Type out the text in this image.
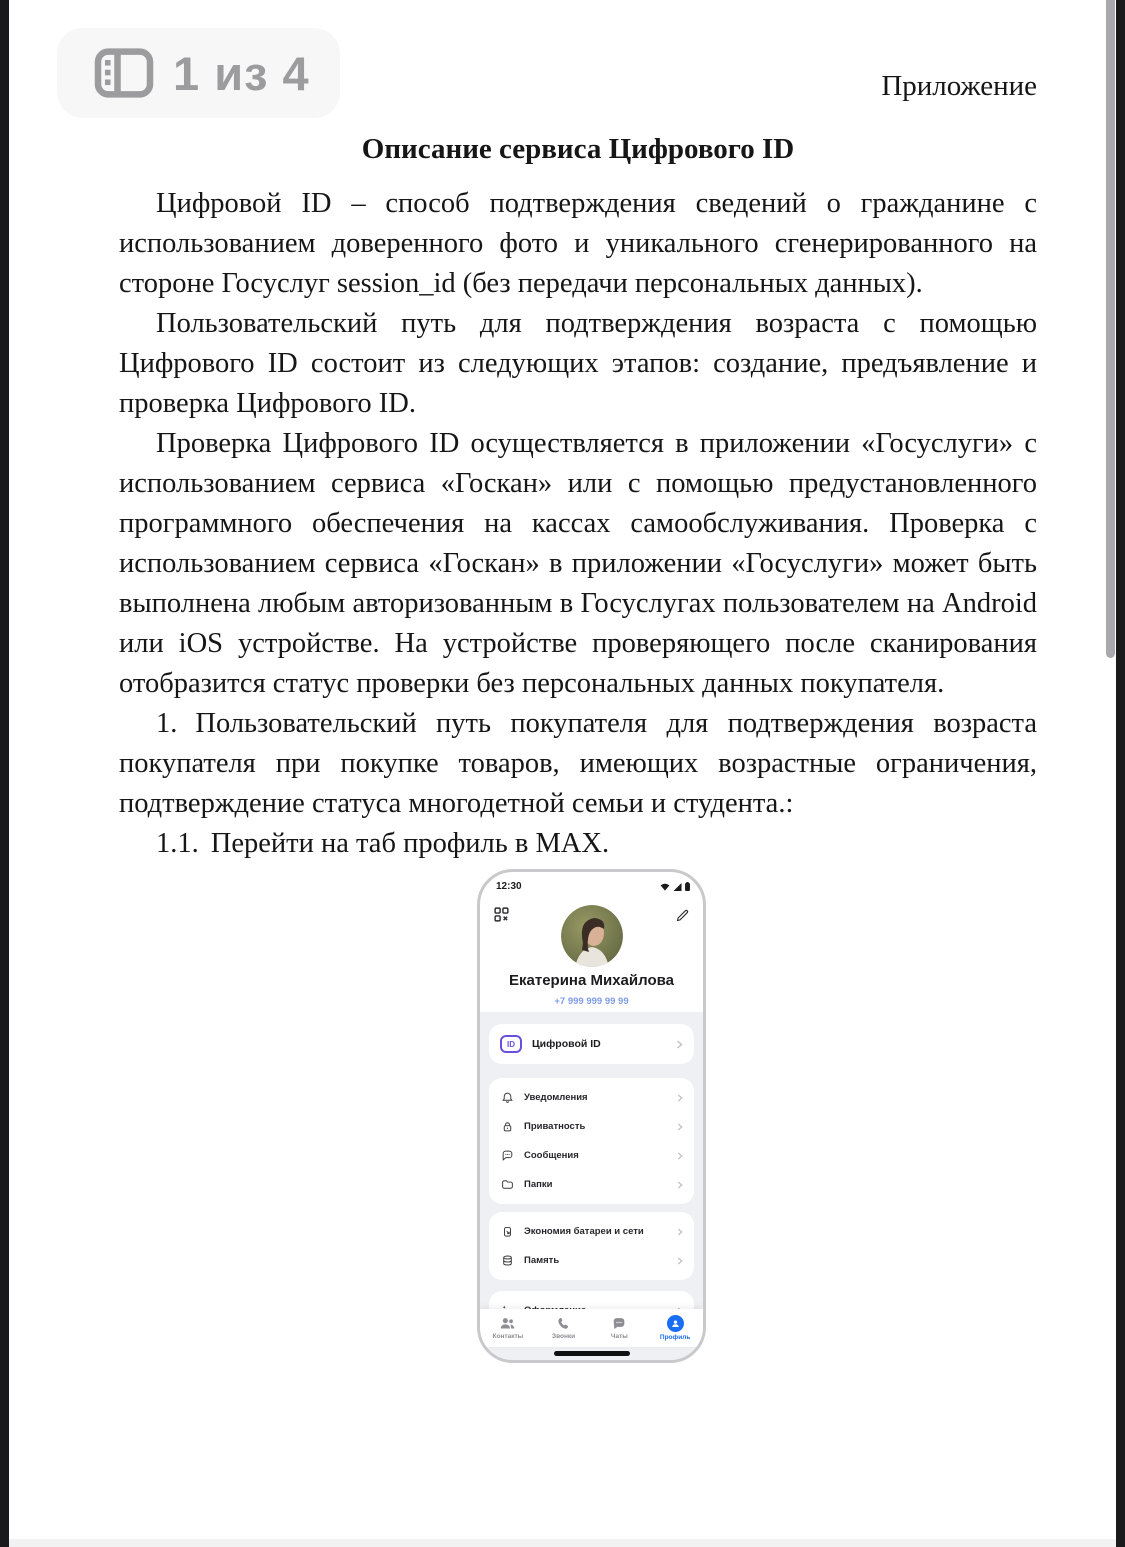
1 из 4	Приложение
Описание сервиса Цифрового ID

Цифровой ID – способ подтверждения сведений о гражданине с использованием доверенного фото и уникального сгенерированного на стороне Госуслуг session_id (без передачи персональных данных).

Пользовательский путь для подтверждения возраста с помощью Цифрового ID состоит из следующих этапов: создание, предъявление и проверка Цифрового ID.

Проверка Цифрового ID осуществляется в приложении «Госуслуги» с использованием сервиса «Госкан» или с помощью предустановленного программного обеспечения на кассах самообслуживания. Проверка с использованием сервиса «Госкан» в приложении «Госуслуги» может быть выполнена любым авторизованным в Госуслугах пользователем на Android или iOS устройстве. На устройстве проверяющего после сканирования отобразится статус проверки без персональных данных покупателя.

1. Пользовательский путь покупателя для подтверждения возраста покупателя при покупке товаров, имеющих возрастные ограничения, подтверждение статуса многодетной семьи и студента.:

1.1. Перейти на таб профиль в MAX.

12:30
Екатерина Михайлова
+7 999 999 99 99
ID	Цифровой ID
Уведомления
Приватность
Сообщения
Папки
Экономия батареи и сети
Память
Контакты	Звонки	Чаты	Профиль
